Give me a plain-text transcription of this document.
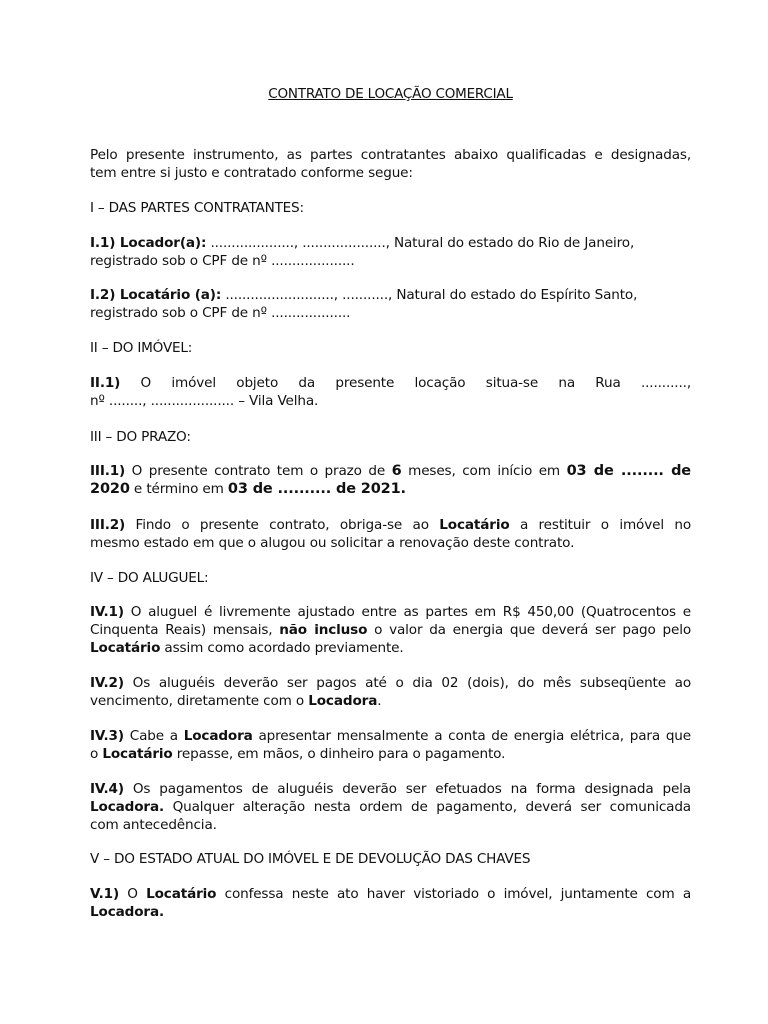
CONTRATO DE LOCAÇÃO COMERCIAL
Pelo presente instrumento, as partes contratantes abaixo qualificadas e designadas,
tem entre si justo e contratado conforme segue:
I – DAS PARTES CONTRATANTES:
I.1) Locador(a): ...................., ...................., Natural do estado do Rio de Janeiro,
registrado sob o CPF de nº ....................
I.2) Locatário (a): .........................., ..........., Natural do estado do Espírito Santo,
registrado sob o CPF de nº ...................
II – DO IMÓVEL:
II.1) O imóvel objeto da presente locação situa-se na Rua ...........,
nº ........, .................... – Vila Velha.
III – DO PRAZO:
III.1) O presente contrato tem o prazo de 6 meses, com início em 03 de ........ de
2020 e término em 03 de .......... de 2021.
III.2) Findo o presente contrato, obriga-se ao Locatário a restituir o imóvel no
mesmo estado em que o alugou ou solicitar a renovação deste contrato.
IV – DO ALUGUEL:
IV.1) O aluguel é livremente ajustado entre as partes em R$ 450,00 (Quatrocentos e
Cinquenta Reais) mensais, não incluso o valor da energia que deverá ser pago pelo
Locatário assim como acordado previamente.
IV.2) Os aluguéis deverão ser pagos até o dia 02 (dois), do mês subseqüente ao
vencimento, diretamente com o Locadora.
IV.3) Cabe a Locadora apresentar mensalmente a conta de energia elétrica, para que
o Locatário repasse, em mãos, o dinheiro para o pagamento.
IV.4) Os pagamentos de aluguéis deverão ser efetuados na forma designada pela
Locadora. Qualquer alteração nesta ordem de pagamento, deverá ser comunicada
com antecedência.
V – DO ESTADO ATUAL DO IMÓVEL E DE DEVOLUÇÃO DAS CHAVES
V.1) O Locatário confessa neste ato haver vistoriado o imóvel, juntamente com a
Locadora.
